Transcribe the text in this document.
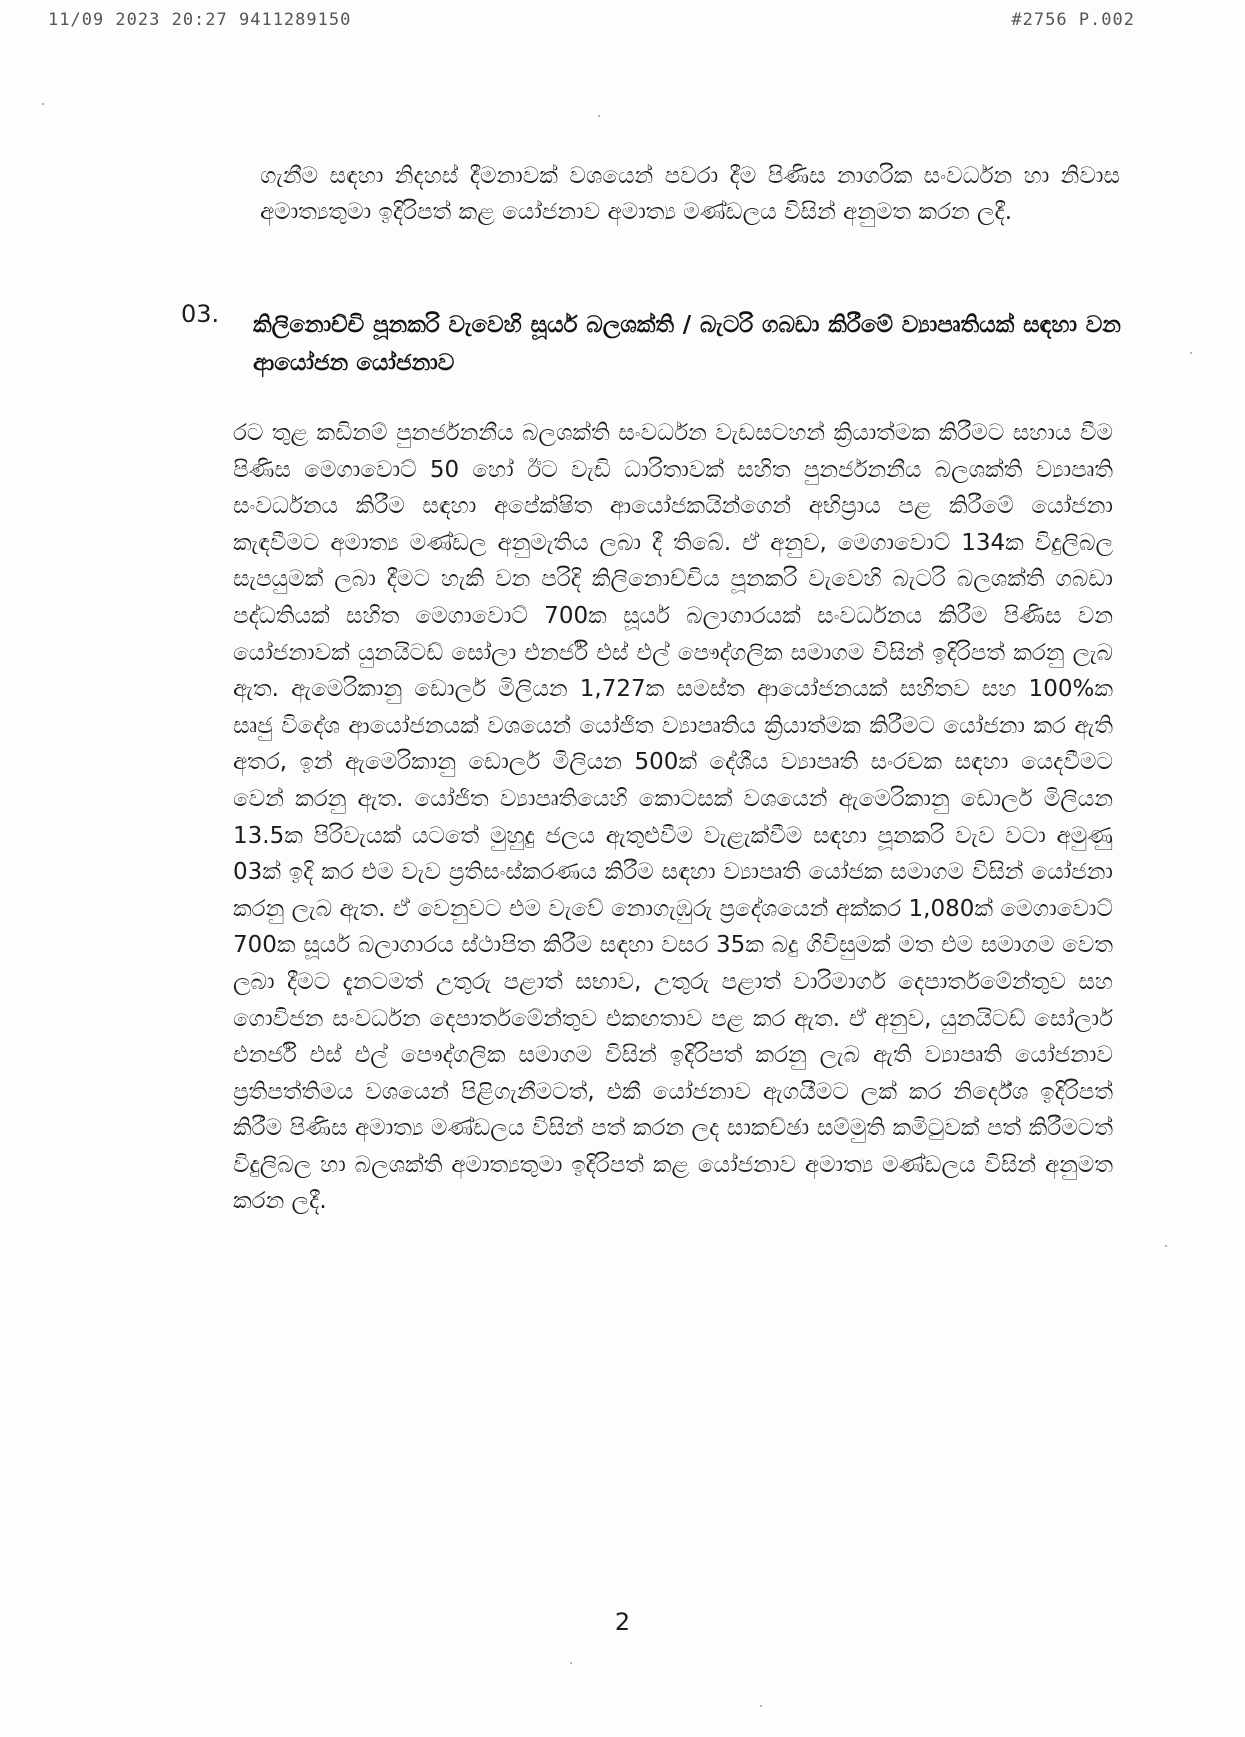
11/09 2023 20:27 9411289150	#2756 P.002

ගැනීම සඳහා නිදහස් දීමනාවක් වශයෙන් පවරා දීම පිණිස නාගරික සංවර්ධන හා නිවාස අමාත්‍යතුමා ඉදිරිපත් කළ යෝජනාව අමාත්‍ය මණ්ඩලය විසින් අනුමත කරන ලදී.

03. කිලිනොච්චි පූනකරි වැවෙහි සූර්ය බලශක්ති / බැටරි ගබඩා කිරීමේ ව්‍යාපෘතියක් සඳහා වන ආයෝජන යෝජනාව

රට තුළ කඩිනම් පුනර්ජනනීය බලශක්ති සංවර්ධන වැඩසටහන් ක්‍රියාත්මක කිරීමට සහාය වීම පිණිස මෙගාවොට් 50 හෝ ඊට වැඩි ධාරිතාවක් සහිත පුනර්ජනනීය බලශක්ති ව්‍යාපෘති සංවර්ධනය කිරීම සඳහා අපේක්ෂිත ආයෝජකයින්ගෙන් අභිප්‍රාය පළ කිරීමේ යෝජනා කැඳවීමට අමාත්‍ය මණ්ඩල අනුමැතිය ලබා දී තිබේ. ඒ අනුව, මෙගාවොට් 134ක විදුලිබල සැපයුමක් ලබා දීමට හැකි වන පරිදි කිලිනොච්චිය පූනකරි වැවෙහි බැටරි බලශක්ති ගබඩා පද්ධතියක් සහිත මෙගාවොට් 700ක සූර්ය බලාගාරයක් සංවර්ධනය කිරීම පිණිස වන යෝජනාවක් යුනයිටඩ් සෝලා එනර්ජි එස් එල් පෞද්ගලික සමාගම විසින් ඉදිරිපත් කරනු ලැබ ඇත. ඇමෙරිකානු ඩොලර් මිලියන 1,727ක සමස්ත ආයෝජනයක් සහිතව සහ 100%ක සෘජු විදේශ ආයෝජනයක් වශයෙන් යෝජිත ව්‍යාපෘතිය ක්‍රියාත්මක කිරීමට යෝජනා කර ඇති අතර, ඉන් ඇමෙරිකානු ඩොලර් මිලියන 500ක් දේශීය ව්‍යාපෘති සංරචක සඳහා යෙදවීමට වෙන් කරනු ඇත. යෝජිත ව්‍යාපෘතියෙහි කොටසක් වශයෙන් ඇමෙරිකානු ඩොලර් මිලියන 13.5ක පිරිවැයක් යටතේ මුහුදු ජලය ඇතුළුවීම වැළැක්වීම සඳහා පූනකරි වැව වටා අමුණු 03ක් ඉදි කර එම වැව ප්‍රතිසංස්කරණය කිරීම සඳහා ව්‍යාපෘති යෝජක සමාගම විසින් යෝජනා කරනු ලැබ ඇත. ඒ වෙනුවට එම වැවේ නොගැඹුරු ප්‍රදේශයෙන් අක්කර 1,080ක් මෙගාවොට් 700ක සූර්ය බලාගාරය ස්ථාපිත කිරීම සඳහා වසර 35ක බදු ගිවිසුමක් මත එම සමාගම වෙත ලබා දීමට දැනටමත් උතුරු පළාත් සභාව, උතුරු පළාත් වාරිමාර්ග දෙපාර්තමේන්තුව සහ ගොවිජන සංවර්ධන දෙපාර්තමේන්තුව එකඟතාව පළ කර ඇත. ඒ අනුව, යුනයිටඩ් සෝලාර් එනර්ජි එස් එල් පෞද්ගලික සමාගම විසින් ඉදිරිපත් කරනු ලැබ ඇති ව්‍යාපෘති යෝජනාව ප්‍රතිපත්තිමය වශයෙන් පිළිගැනීමටත්, එකී යෝජනාව ඇගයීමට ලක් කර නිර්දේශ ඉදිරිපත් කිරීම පිණිස අමාත්‍ය මණ්ඩලය විසින් පත් කරන ලද සාකච්ඡා සම්මුති කමිටුවක් පත් කිරීමටත් විදුලිබල හා බලශක්ති අමාත්‍යතුමා ඉදිරිපත් කළ යෝජනාව අමාත්‍ය මණ්ඩලය විසින් අනුමත කරන ලදී.

2
